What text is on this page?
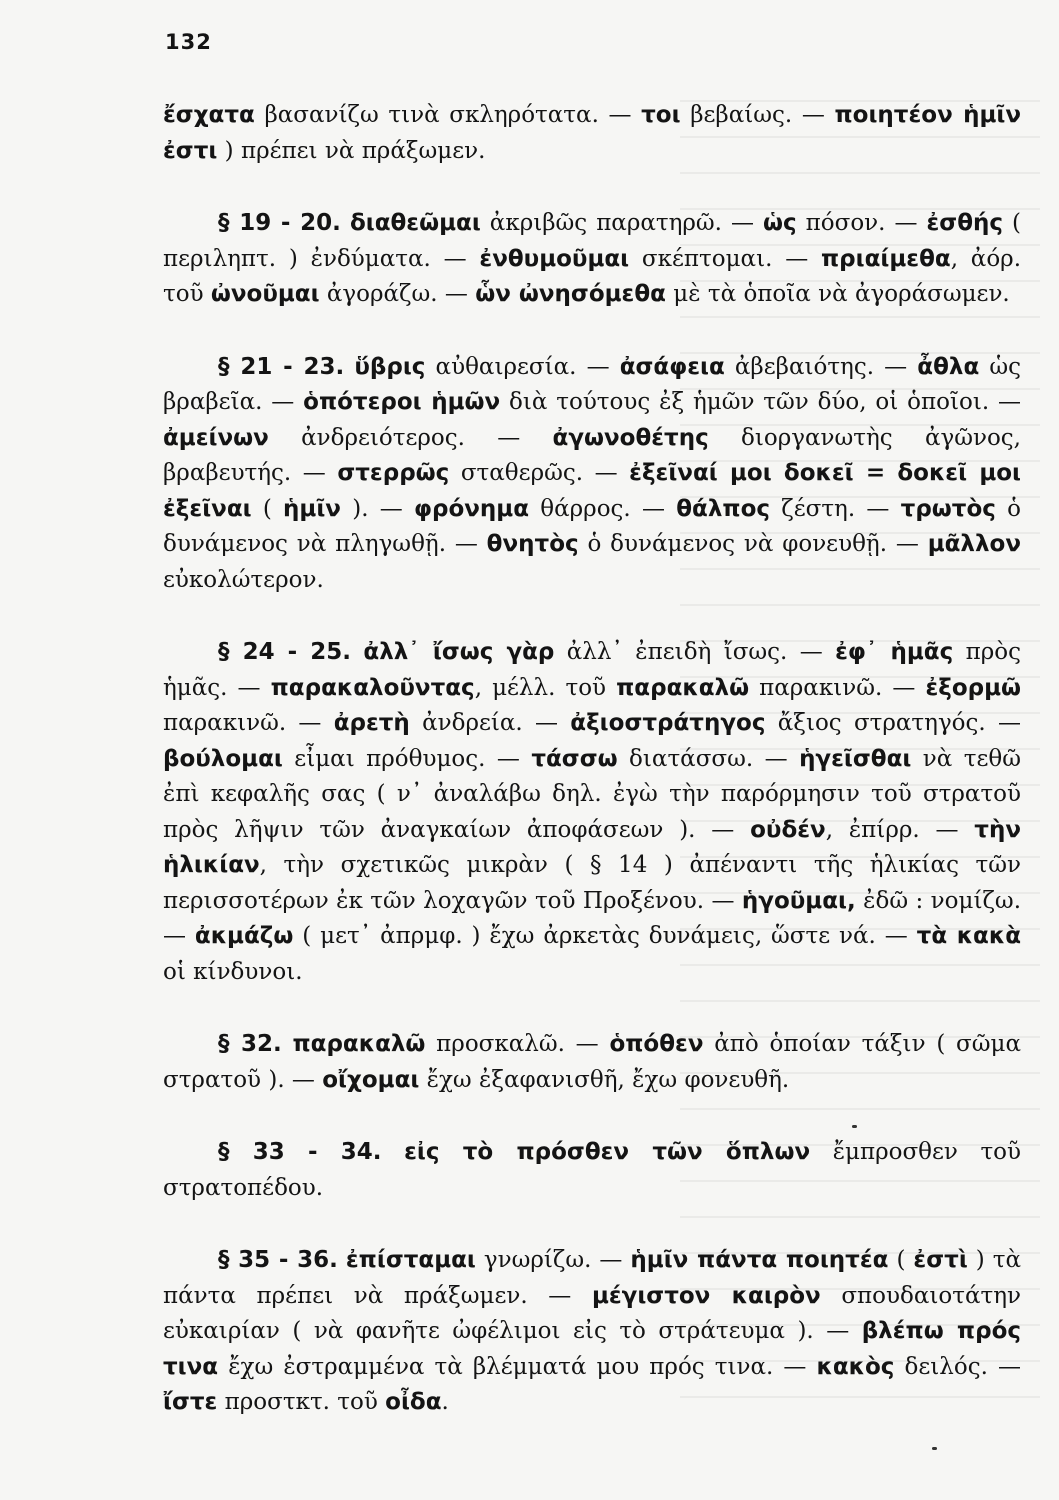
132

ἔσχατα βασανίζω τινὰ σκληρότατα. — τοι βεβαίως. — ποιητέον ἡμῖν ἐστι ) πρέπει νὰ πράξωμεν.

§ 19 - 20. διαθεῶμαι ἀκριβῶς παρατηρῶ. — ὡς πόσον. — ἐσθής ( περιληπτ. ) ἐνδύματα. — ἐνθυμοῦμαι σκέπτομαι. — πριαίμεθα, ἀόρ. τοῦ ὠνοῦμαι ἀγοράζω. — ὧν ὠνησόμεθα μὲ τὰ ὁποῖα νὰ ἀγοράσωμεν.

§ 21 - 23. ὕβρις αὐθαιρεσία. — ἀσάφεια ἀβεβαιότης. — ἆθλα ὡς βραβεῖα. — ὁπότεροι ἡμῶν διὰ τούτους ἐξ ἡμῶν τῶν δύο, οἱ ὁποῖοι. — ἀμείνων ἀνδρειότερος. — ἀγωνοθέτης διοργανωτὴς ἀγῶνος, βραβευτής. — στερρῶς σταθερῶς. — ἐξεῖναί μοι δοκεῖ = δοκεῖ μοι ἐξεῖναι ( ἡμῖν ). — φρόνημα θάρρος. — θάλπος ζέστη. — τρωτὸς ὁ δυνάμενος νὰ πληγωθῇ. — θνητὸς ὁ δυνάμενος νὰ φονευθῇ. — μᾶλλον εὐκολώτερον.

§ 24 - 25. ἀλλ᾽ ἴσως γὰρ ἀλλ᾽ ἐπειδὴ ἴσως. — ἐφ᾽ ἡμᾶς πρὸς ἡμᾶς. — παρακαλοῦντας, μέλλ. τοῦ παρακαλῶ παρακινῶ. — ἐξορμῶ παρακινῶ. — ἀρετὴ ἀνδρεία. — ἀξιοστράτηγος ἄξιος στρατηγός. — βούλομαι εἶμαι πρόθυμος. — τάσσω διατάσσω. — ἡγεῖσθαι νὰ τεθῶ ἐπὶ κεφαλῆς σας ( ν᾽ ἀναλάβω δηλ. ἐγὼ τὴν παρόρμησιν τοῦ στρατοῦ πρὸς λῆψιν τῶν ἀναγκαίων ἀποφάσεων ). — οὐδέν, ἐπίρρ. — τὴν ἡλικίαν, τὴν σχετικῶς μικρὰν ( § 14 ) ἀπέναντι τῆς ἡλικίας τῶν περισσοτέρων ἐκ τῶν λοχαγῶν τοῦ Προξένου. — ἡγοῦμαι, ἐδῶ : νομίζω. — ἀκμάζω ( μετ᾽ ἀπρμφ. ) ἔχω ἀρκετὰς δυνάμεις, ὥστε νά. — τὰ κακὰ οἱ κίνδυνοι.

§ 32. παρακαλῶ προσκαλῶ. — ὁπόθεν ἀπὸ ὁποίαν τάξιν ( σῶμα στρατοῦ ). — οἴχομαι ἔχω ἐξαφανισθῆ, ἔχω φονευθῆ.

§ 33 - 34. εἰς τὸ πρόσθεν τῶν ὅπλων ἔμπροσθεν τοῦ στρατοπέδου.

§ 35 - 36. ἐπίσταμαι γνωρίζω. — ἡμῖν πάντα ποιητέα ( ἐστὶ ) τὰ πάντα πρέπει νὰ πράξωμεν. — μέγιστον καιρὸν σπουδαιοτάτην εὐκαιρίαν ( νὰ φανῆτε ὠφέλιμοι εἰς τὸ στράτευμα ). — βλέπω πρός τινα ἔχω ἐστραμμένα τὰ βλέμματά μου πρός τινα. — κακὸς δειλός. — ἴστε προστκτ. τοῦ οἶδα.
